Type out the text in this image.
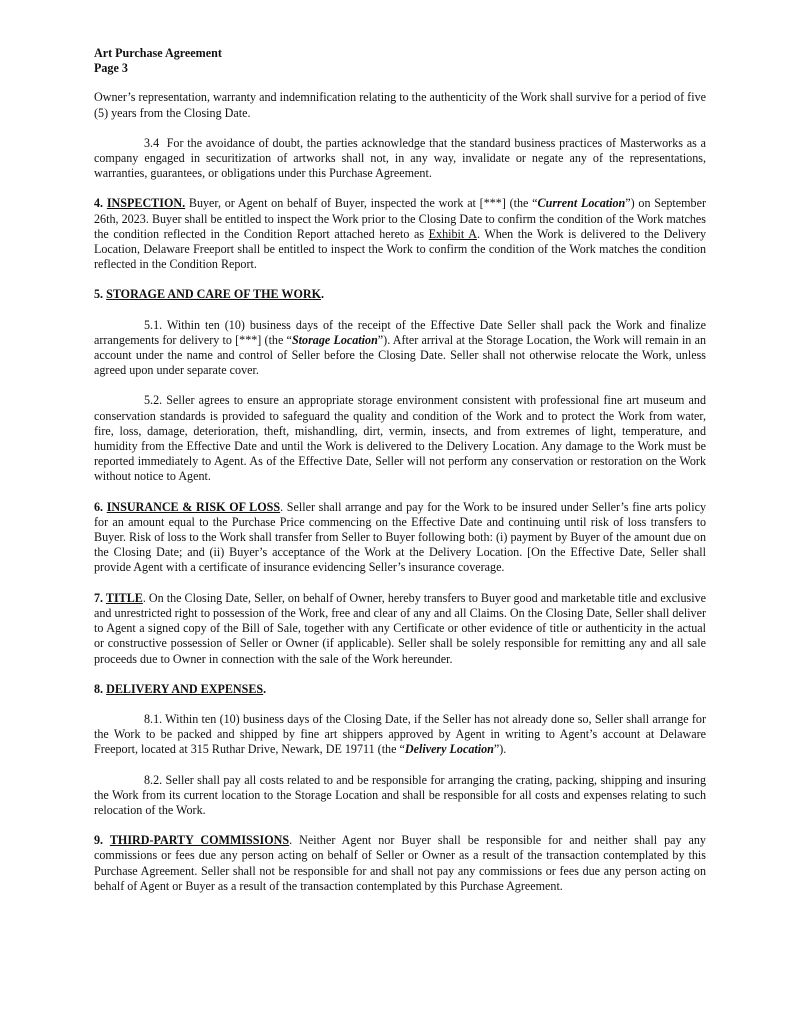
Art Purchase Agreement
Page 3

Owner’s representation, warranty and indemnification relating to the authenticity of the Work shall survive for a period of five (5) years from the Closing Date.

3.4  For the avoidance of doubt, the parties acknowledge that the standard business practices of Masterworks as a company engaged in securitization of artworks shall not, in any way, invalidate or negate any of the representations, warranties, guarantees, or obligations under this Purchase Agreement.

4. INSPECTION. Buyer, or Agent on behalf of Buyer, inspected the work at [***] (the “Current Location”) on September 26th, 2023. Buyer shall be entitled to inspect the Work prior to the Closing Date to confirm the condition of the Work matches the condition reflected in the Condition Report attached hereto as Exhibit A. When the Work is delivered to the Delivery Location, Delaware Freeport shall be entitled to inspect the Work to confirm the condition of the Work matches the condition reflected in the Condition Report.

5. STORAGE AND CARE OF THE WORK.

5.1. Within ten (10) business days of the receipt of the Effective Date Seller shall pack the Work and finalize arrangements for delivery to [***] (the “Storage Location”). After arrival at the Storage Location, the Work will remain in an account under the name and control of Seller before the Closing Date. Seller shall not otherwise relocate the Work, unless agreed upon under separate cover.

5.2. Seller agrees to ensure an appropriate storage environment consistent with professional fine art museum and conservation standards is provided to safeguard the quality and condition of the Work and to protect the Work from water, fire, loss, damage, deterioration, theft, mishandling, dirt, vermin, insects, and from extremes of light, temperature, and humidity from the Effective Date and until the Work is delivered to the Delivery Location. Any damage to the Work must be reported immediately to Agent. As of the Effective Date, Seller will not perform any conservation or restoration on the Work without notice to Agent.

6. INSURANCE & RISK OF LOSS. Seller shall arrange and pay for the Work to be insured under Seller’s fine arts policy for an amount equal to the Purchase Price commencing on the Effective Date and continuing until risk of loss transfers to Buyer. Risk of loss to the Work shall transfer from Seller to Buyer following both: (i) payment by Buyer of the amount due on the Closing Date; and (ii) Buyer’s acceptance of the Work at the Delivery Location. [On the Effective Date, Seller shall provide Agent with a certificate of insurance evidencing Seller’s insurance coverage.

7. TITLE. On the Closing Date, Seller, on behalf of Owner, hereby transfers to Buyer good and marketable title and exclusive and unrestricted right to possession of the Work, free and clear of any and all Claims. On the Closing Date, Seller shall deliver to Agent a signed copy of the Bill of Sale, together with any Certificate or other evidence of title or authenticity in the actual or constructive possession of Seller or Owner (if applicable). Seller shall be solely responsible for remitting any and all sale proceeds due to Owner in connection with the sale of the Work hereunder.

8. DELIVERY AND EXPENSES.

8.1. Within ten (10) business days of the Closing Date, if the Seller has not already done so, Seller shall arrange for the Work to be packed and shipped by fine art shippers approved by Agent in writing to Agent’s account at Delaware Freeport, located at 315 Ruthar Drive, Newark, DE 19711 (the “Delivery Location”).

8.2. Seller shall pay all costs related to and be responsible for arranging the crating, packing, shipping and insuring the Work from its current location to the Storage Location and shall be responsible for all costs and expenses relating to such relocation of the Work.

9. THIRD-PARTY COMMISSIONS. Neither Agent nor Buyer shall be responsible for and neither shall pay any commissions or fees due any person acting on behalf of Seller or Owner as a result of the transaction contemplated by this Purchase Agreement. Seller shall not be responsible for and shall not pay any commissions or fees due any person acting on behalf of Agent or Buyer as a result of the transaction contemplated by this Purchase Agreement.
